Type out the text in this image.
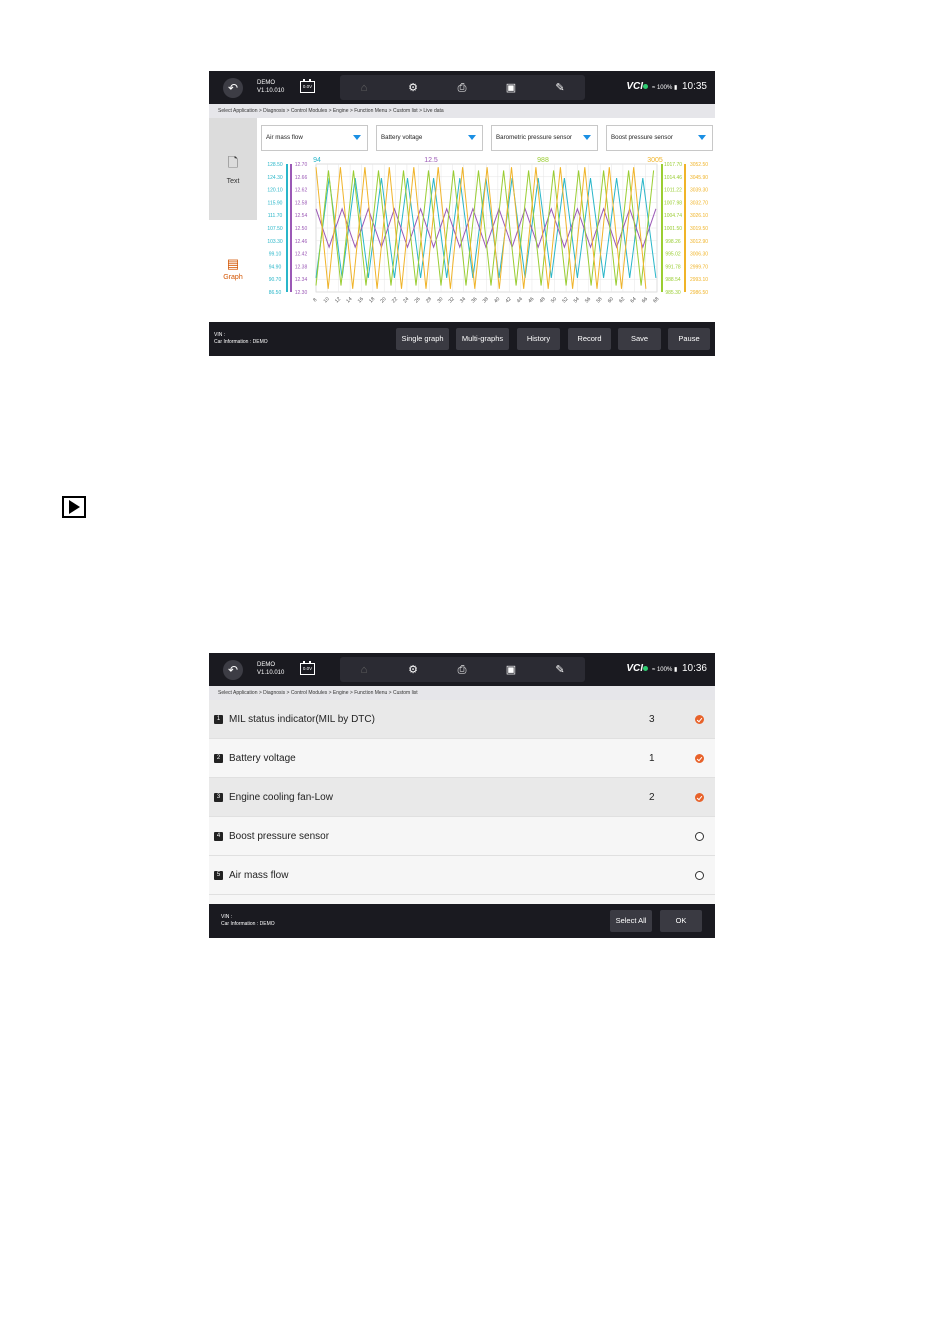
↶	DEMO
V1.10.010
0.0V	⌂	⚙	⎙	▣	✎	VCI ≈ 100% ▮ 10:35
Select Application > Diagnosis > Control Modules > Engine > Function Menu > Custom list > Live data
🗋
Text
▤
Graph
Air mass flow	Battery voltage	Barometric pressure sensor	Boost pressure sensor
128.50
124.30
120.10
115.90
111.70
107.50
103.30
99.10
94.90
90.70
86.50
12.70
12.66
12.62
12.58
12.54
12.50
12.46
12.42
12.38
12.34
12.30
1017.70
1014.46
1011.22
1007.98
1004.74
1001.50
998.26
995.02
991.78
988.54
985.30
3052.50
3045.90
3039.30
3032.70
3026.10
3019.50
3012.90
3006.30
2999.70
2993.10
2986.50
94	12.5	988	3005
8 10 12 14 16 18 20 22 24 26 28 30 32 34 36 38 40 42 44 46 48 50 52 54 56 58 60 62 64 66 68
VIN :
Car Information : DEMO	Single graph	Multi-graphs	History	Record	Save	Pause
↶	DEMO
V1.10.010
0.0V	⌂	⚙	⎙	▣	✎	VCI ≈ 100% ▮ 10:36
Select Application > Diagnosis > Control Modules > Engine > Function Menu > Custom list
1 MIL status indicator(MIL by DTC)	3
2 Battery voltage	1
3 Engine cooling fan-Low	2
4 Boost pressure sensor
5 Air mass flow
VIN :
Car Information : DEMO	Select All	OK
